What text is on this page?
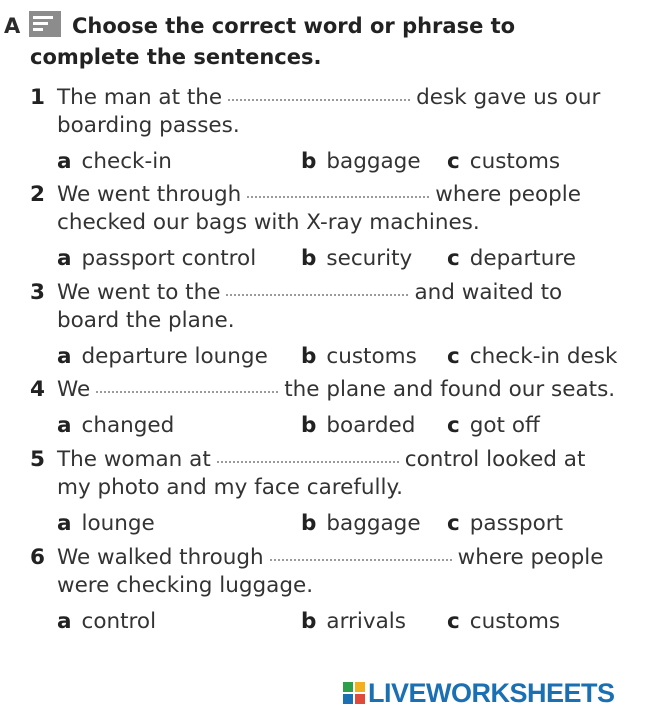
A	Choose the correct word or phrase to complete the sentences.
1 The man at the	desk gave us our
boarding passes.
a check-in	b baggage c customs
2 We went through	where people
checked our bags with X-ray machines.
a passport control b security c departure
3 We went to the	and waited to
board the plane.
a departure lounge b customs c check-in desk
4 We	the plane and found our seats.
a changed	b boarded c got off
5 The woman at	control looked at
my photo and my face carefully.
a lounge	b baggage c passport
6 We walked through	where people
were checking luggage.
a control	b arrivals c customs
LIVEWORKSHEETS
